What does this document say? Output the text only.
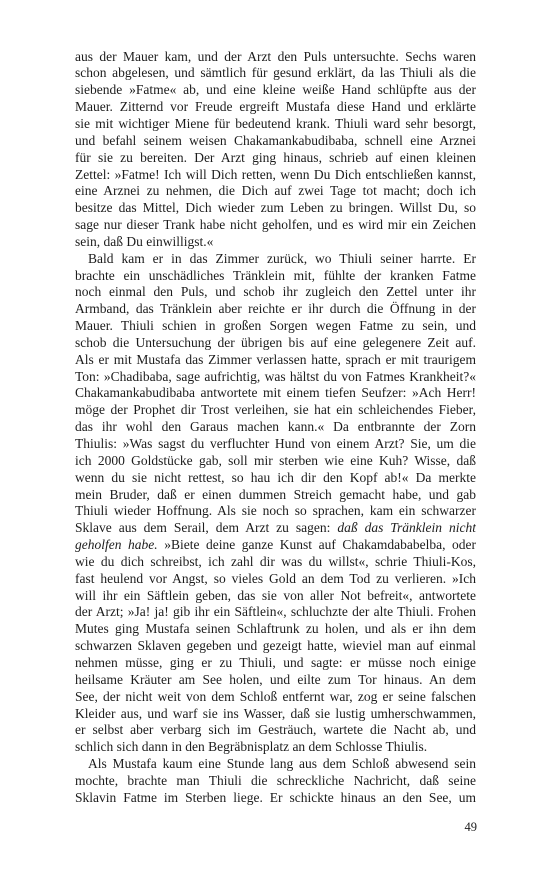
aus der Mauer kam, und der Arzt den Puls untersuchte. Sechs waren
schon abgelesen, und sämtlich für gesund erklärt, da las Thiuli als die
siebende »Fatme« ab, und eine kleine weiße Hand schlüpfte aus der
Mauer. Zitternd vor Freude ergreift Mustafa diese Hand und erklärte
sie mit wichtiger Miene für bedeutend krank. Thiuli ward sehr besorgt,
und befahl seinem weisen Chakamankabudibaba, schnell eine Arznei
für sie zu bereiten. Der Arzt ging hinaus, schrieb auf einen kleinen
Zettel: »Fatme! Ich will Dich retten, wenn Du Dich entschließen kannst,
eine Arznei zu nehmen, die Dich auf zwei Tage tot macht; doch ich
besitze das Mittel, Dich wieder zum Leben zu bringen. Willst Du, so
sage nur dieser Trank habe nicht geholfen, und es wird mir ein Zeichen
sein, daß Du einwilligst.«
Bald kam er in das Zimmer zurück, wo Thiuli seiner harrte. Er
brachte ein unschädliches Tränklein mit, fühlte der kranken Fatme
noch einmal den Puls, und schob ihr zugleich den Zettel unter ihr
Armband, das Tränklein aber reichte er ihr durch die Öffnung in der
Mauer. Thiuli schien in großen Sorgen wegen Fatme zu sein, und
schob die Untersuchung der übrigen bis auf eine gelegenere Zeit auf.
Als er mit Mustafa das Zimmer verlassen hatte, sprach er mit traurigem
Ton: »Chadibaba, sage aufrichtig, was hältst du von Fatmes Krankheit?«
Chakamankabudibaba antwortete mit einem tiefen Seufzer: »Ach Herr!
möge der Prophet dir Trost verleihen, sie hat ein schleichendes Fieber,
das ihr wohl den Garaus machen kann.« Da entbrannte der Zorn
Thiulis: »Was sagst du verfluchter Hund von einem Arzt? Sie, um die
ich 2000 Goldstücke gab, soll mir sterben wie eine Kuh? Wisse, daß
wenn du sie nicht rettest, so hau ich dir den Kopf ab!« Da merkte
mein Bruder, daß er einen dummen Streich gemacht habe, und gab
Thiuli wieder Hoffnung. Als sie noch so sprachen, kam ein schwarzer
Sklave aus dem Serail, dem Arzt zu sagen: daß das Tränklein nicht
geholfen habe. »Biete deine ganze Kunst auf Chakamdababelba, oder
wie du dich schreibst, ich zahl dir was du willst«, schrie Thiuli-Kos,
fast heulend vor Angst, so vieles Gold an dem Tod zu verlieren. »Ich
will ihr ein Säftlein geben, das sie von aller Not befreit«, antwortete
der Arzt; »Ja! ja! gib ihr ein Säftlein«, schluchzte der alte Thiuli. Frohen
Mutes ging Mustafa seinen Schlaftrunk zu holen, und als er ihn dem
schwarzen Sklaven gegeben und gezeigt hatte, wieviel man auf einmal
nehmen müsse, ging er zu Thiuli, und sagte: er müsse noch einige
heilsame Kräuter am See holen, und eilte zum Tor hinaus. An dem
See, der nicht weit von dem Schloß entfernt war, zog er seine falschen
Kleider aus, und warf sie ins Wasser, daß sie lustig umherschwammen,
er selbst aber verbarg sich im Gesträuch, wartete die Nacht ab, und
schlich sich dann in den Begräbnisplatz an dem Schlosse Thiulis.
Als Mustafa kaum eine Stunde lang aus dem Schloß abwesend sein
mochte, brachte man Thiuli die schreckliche Nachricht, daß seine
Sklavin Fatme im Sterben liege. Er schickte hinaus an den See, um
49
